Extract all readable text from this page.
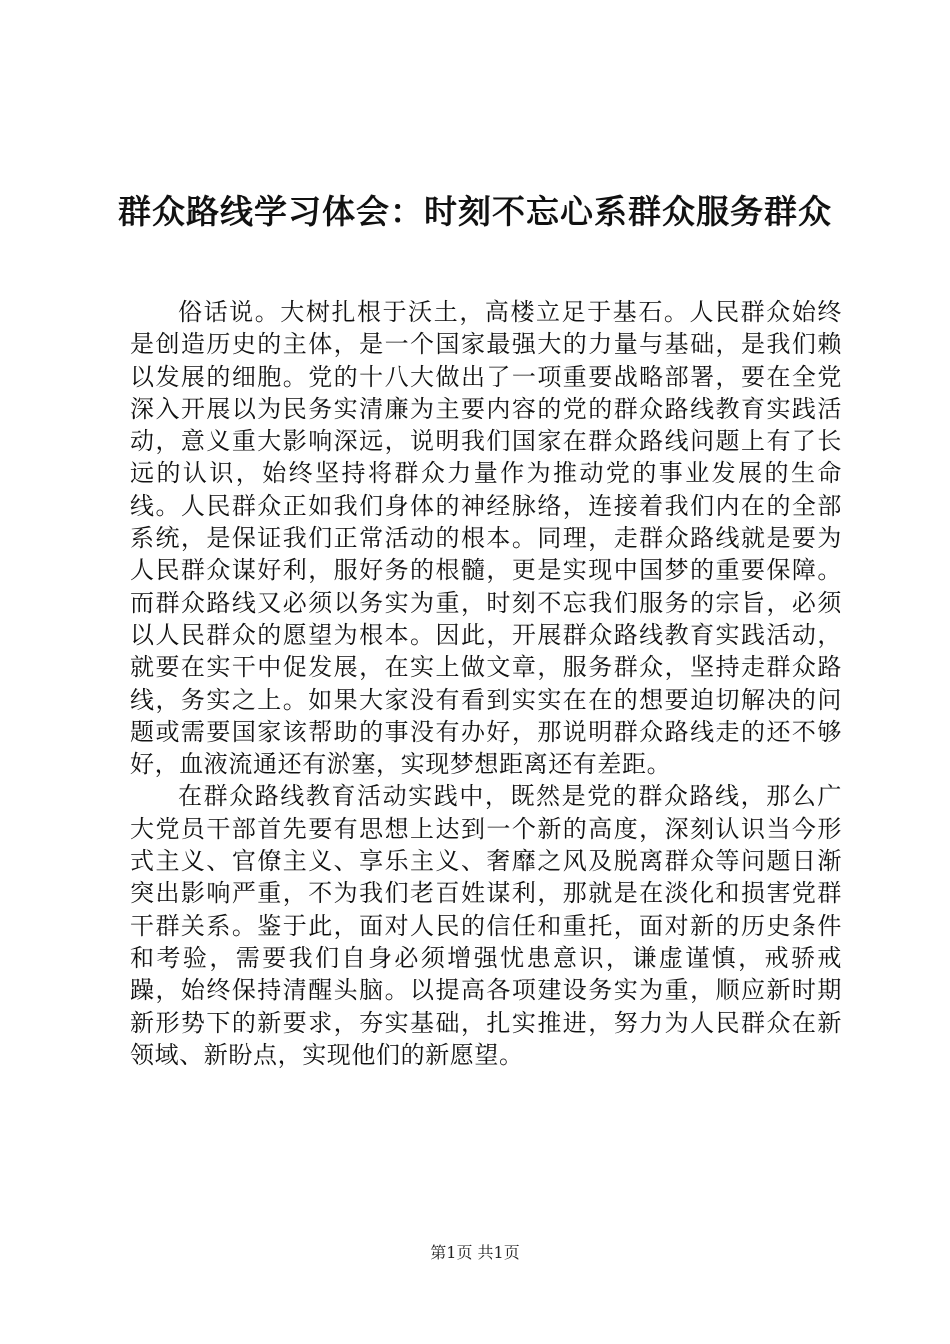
群众路线学习体会：时刻不忘心系群众服务群众

俗话说。大树扎根于沃土，高楼立足于基石。人民群众始终是创造历史的主体，是一个国家最强大的力量与基础，是我们赖以发展的细胞。党的十八大做出了一项重要战略部署，要在全党深入开展以为民务实清廉为主要内容的党的群众路线教育实践活动，意义重大影响深远，说明我们国家在群众路线问题上有了长远的认识，始终坚持将群众力量作为推动党的事业发展的生命线。人民群众正如我们身体的神经脉络，连接着我们内在的全部系统，是保证我们正常活动的根本。同理，走群众路线就是要为人民群众谋好利，服好务的根髓，更是实现中国梦的重要保障。而群众路线又必须以务实为重，时刻不忘我们服务的宗旨，必须以人民群众的愿望为根本。因此，开展群众路线教育实践活动，就要在实干中促发展，在实上做文章，服务群众，坚持走群众路线，务实之上。如果大家没有看到实实在在的想要迫切解决的问题或需要国家该帮助的事没有办好，那说明群众路线走的还不够好，血液流通还有淤塞，实现梦想距离还有差距。

在群众路线教育活动实践中，既然是党的群众路线，那么广大党员干部首先要有思想上达到一个新的高度，深刻认识当今形式主义、官僚主义、享乐主义、奢靡之风及脱离群众等问题日渐突出影响严重，不为我们老百姓谋利，那就是在淡化和损害党群干群关系。鉴于此，面对人民的信任和重托，面对新的历史条件和考验，需要我们自身必须增强忧患意识，谦虚谨慎，戒骄戒躁，始终保持清醒头脑。以提高各项建设务实为重，顺应新时期新形势下的新要求，夯实基础，扎实推进，努力为人民群众在新领域、新盼点，实现他们的新愿望。

第1页 共1页
